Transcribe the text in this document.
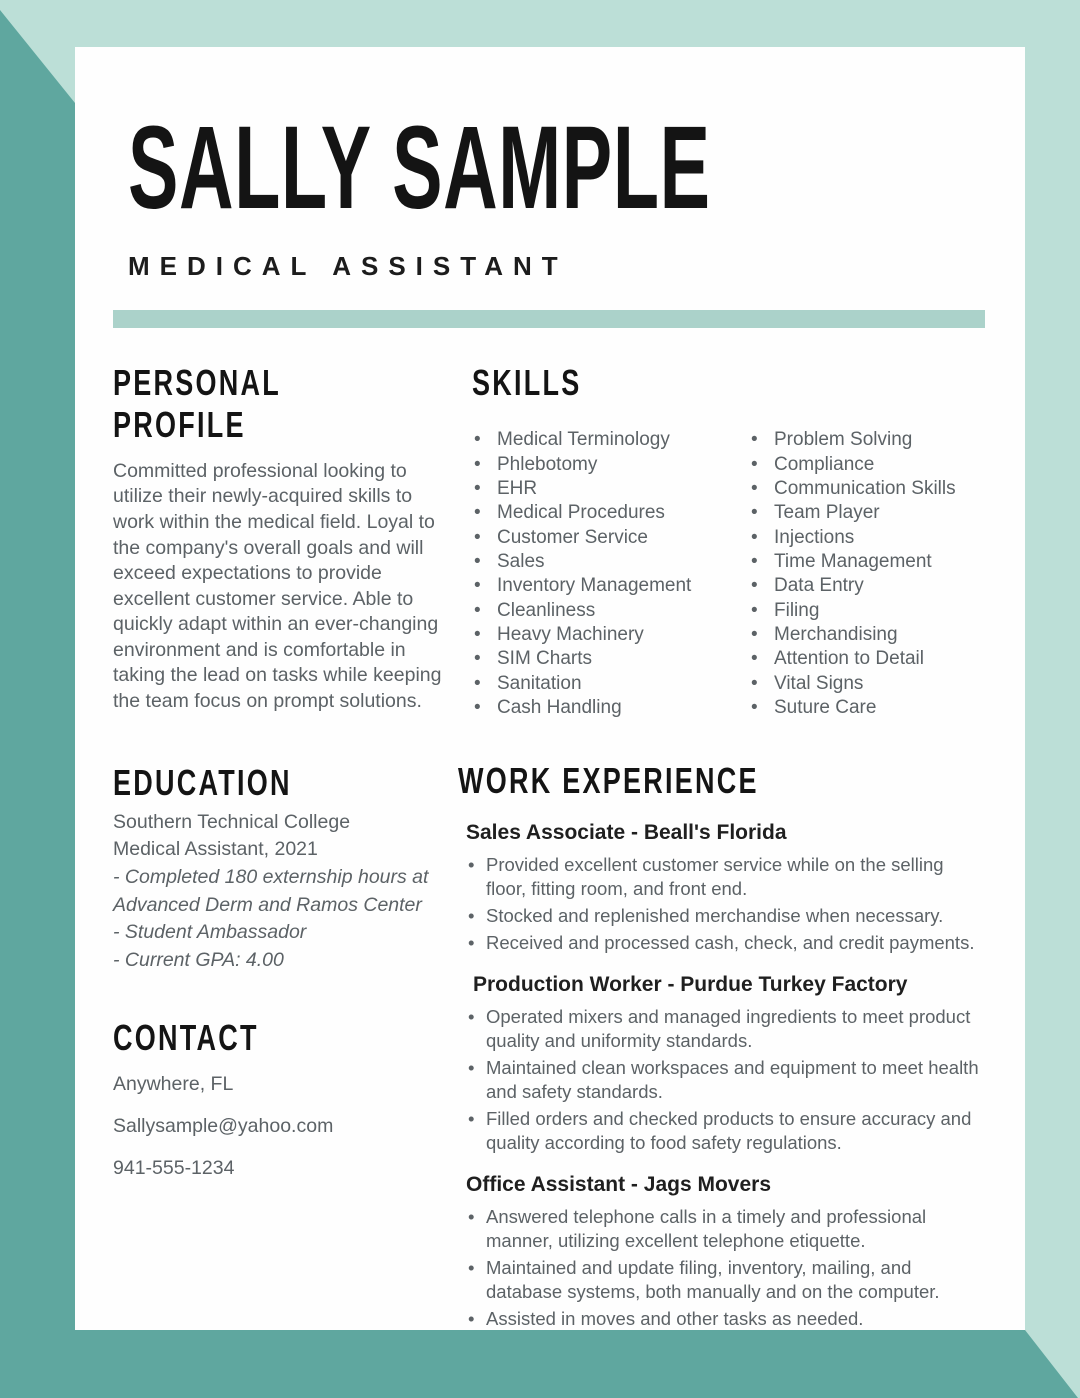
SALLY SAMPLE
MEDICAL ASSISTANT
PERSONAL PROFILE

Committed professional looking to utilize their newly-acquired skills to work within the medical field. Loyal to the company's overall goals and will exceed expectations to provide excellent customer service. Able to quickly adapt within an ever-changing environment and is comfortable in taking the lead on tasks while keeping the team focus on prompt solutions.

EDUCATION
Southern Technical College
Medical Assistant, 2021
- Completed 180 externship hours at Advanced Derm and Ramos Center
- Student Ambassador
- Current GPA: 4.00
CONTACT
Anywhere, FL
Sallysample@yahoo.com
941-555-1234
SKILLS
• Medical Terminology
• Phlebotomy
• EHR
• Medical Procedures
• Customer Service
• Sales
• Inventory Management
• Cleanliness
• Heavy Machinery
• SIM Charts
• Sanitation
• Cash Handling
• Problem Solving
• Compliance
• Communication Skills
• Team Player
• Injections
• Time Management
• Data Entry
• Filing
• Merchandising
• Attention to Detail
• Vital Signs
• Suture Care
WORK EXPERIENCE
Sales Associate - Beall's Florida
• Provided excellent customer service while on the selling floor, fitting room, and front end.
• Stocked and replenished merchandise when necessary.
• Received and processed cash, check, and credit payments.
Production Worker - Purdue Turkey Factory
• Operated mixers and managed ingredients to meet product quality and uniformity standards.
• Maintained clean workspaces and equipment to meet health and safety standards.
• Filled orders and checked products to ensure accuracy and quality according to food safety regulations.
Office Assistant - Jags Movers
• Answered telephone calls in a timely and professional manner, utilizing excellent telephone etiquette.
• Maintained and update filing, inventory, mailing, and database systems, both manually and on the computer.
• Assisted in moves and other tasks as needed.
